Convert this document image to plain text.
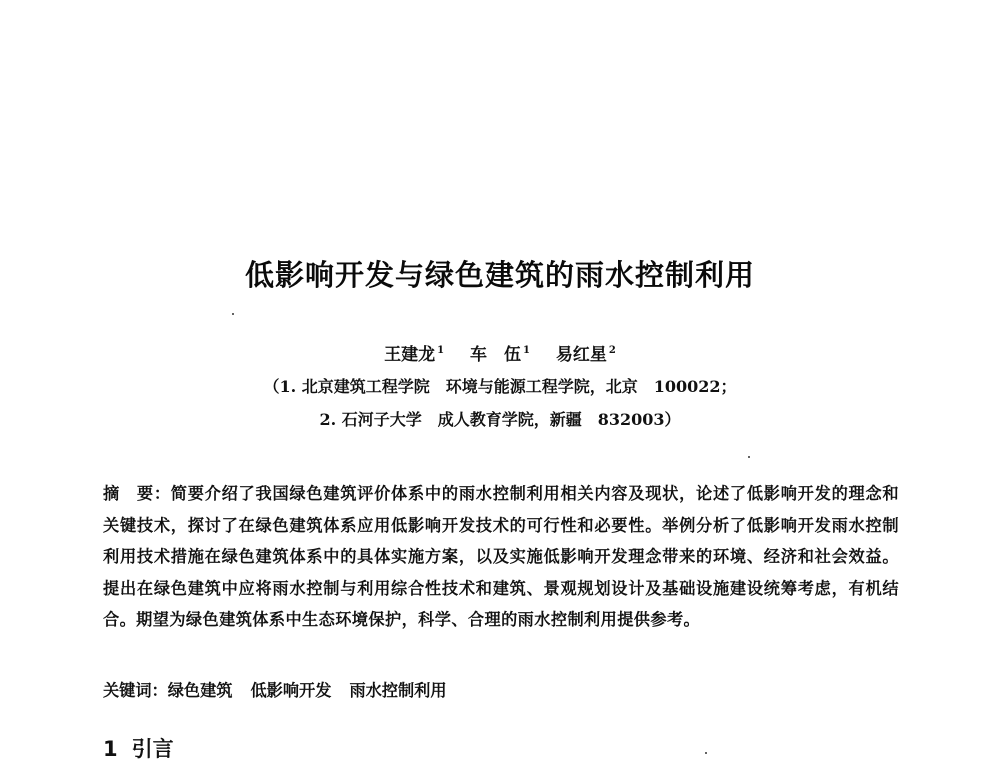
低影响开发与绿色建筑的雨水控制利用
王建龙 $^1$ 车　伍 $^1$ 易红星 $^2$
（1. 北京建筑工程学院　环境与能源工程学院，北京　100022；
2. 石河子大学　成人教育学院，新疆　832003）
摘　要：简要介绍了我国绿色建筑评价体系中的雨水控制利用相关内容及现状，论述了低影响开发的理念和关键技术，探讨了在绿色建筑体系应用低影响开发技术的可行性和必要性。举例分析了低影响开发雨水控制利用技术措施在绿色建筑体系中的具体实施方案，以及实施低影响开发理念带来的环境、经济和社会效益。提出在绿色建筑中应将雨水控制与利用综合性技术和建筑、景观规划设计及基础设施建设统筹考虑，有机结合。期望为绿色建筑体系中生态环境保护，科学、合理的雨水控制利用提供参考。
关键词：绿色建筑 低影响开发 雨水控制利用
1 引言
